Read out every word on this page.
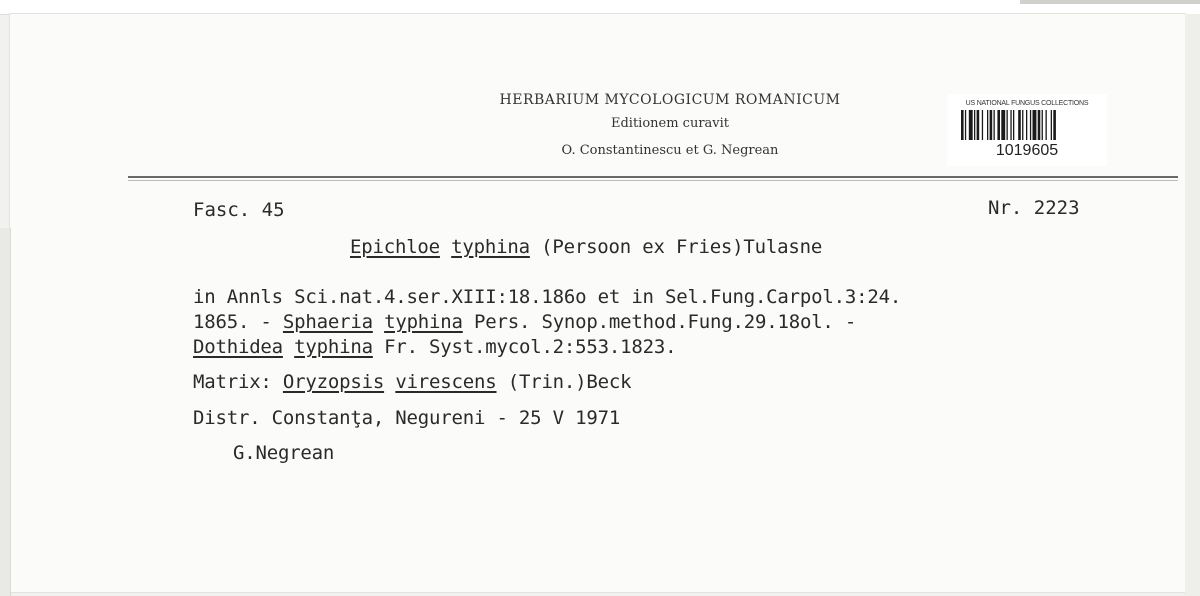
HERBARIUM MYCOLOGICUM ROMANICUM
Editionem curavit
O. Constantinescu et G. Negrean
US NATIONAL FUNGUS COLLECTIONS
1019605
Fasc. 45	Nr. 2223
Epichloe typhina (Persoon ex Fries)Tulasne
in Annls Sci.nat.4.ser.XIII:18.186o et in Sel.Fung.Carpol.3:24.
1865. - Sphaeria typhina Pers. Synop.method.Fung.29.18ol. -
Dothidea typhina Fr. Syst.mycol.2:553.1823.
Matrix: Oryzopsis virescens (Trin.)Beck
Distr. Constanţa, Negureni - 25 V 1971
G.Negrean
